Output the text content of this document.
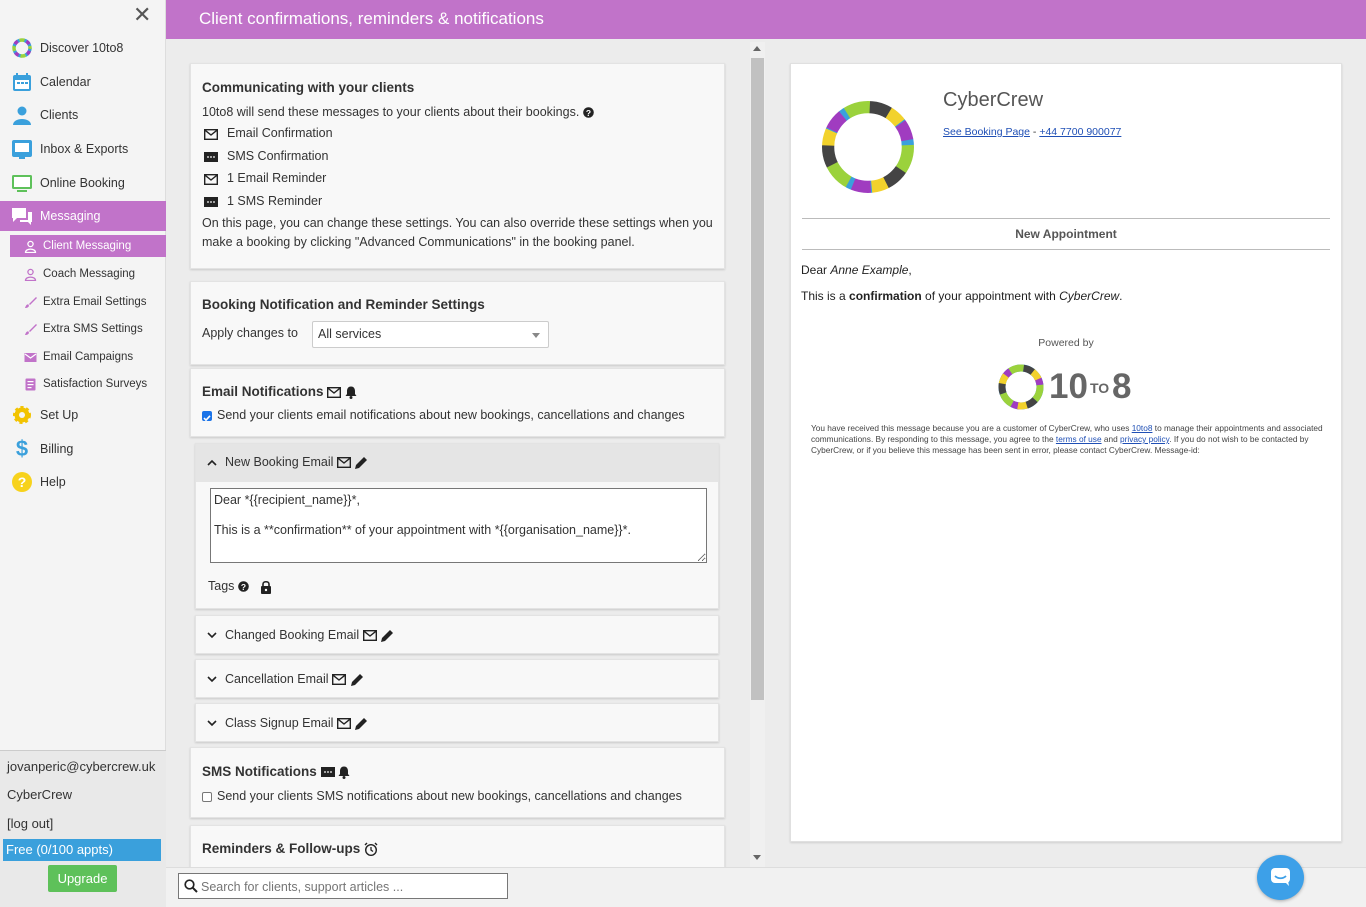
✕
Discover 10to8
Calendar
Clients
Inbox & Exports
Online Booking
Messaging
Client Messaging
Coach Messaging
Extra Email Settings
Extra SMS Settings
Email Campaigns
Satisfaction Surveys
Set Up
$ Billing
? Help
jovanperic@cybercrew.uk
CyberCrew
[log out]
Free (0/100 appts)
Upgrade
Client confirmations, reminders & notifications
Communicating with your clients
10to8 will send these messages to your clients about their bookings. ?
Email Confirmation
SMS Confirmation
1 Email Reminder
1 SMS Reminder
On this page, you can change these settings. You can also override these settings when you
make a booking by clicking "Advanced Communications" in the booking panel.
Booking Notification and Reminder Settings
Apply changes to All services
Email Notifications
Send your clients email notifications about new bookings, cancellations and changes
New Booking Email
Dear *{{recipient_name}}*, This is a **confirmation** of your appointment with *{{organisation_name}}*.
Tags ?

Changed Booking Email
Cancellation Email
Class Signup Email
SMS Notifications
Send your clients SMS notifications about new bookings, cancellations and changes
Reminders & Follow-ups
CyberCrew
See Booking Page - +44 7700 900077
New Appointment
Dear Anne Example,
This is a confirmation of your appointment with CyberCrew.
Powered by
10 TO 8
You have received this message because you are a customer of CyberCrew, who uses 10to8 to manage their appointments and associated communications. By responding to this message, you agree to the terms of use and privacy policy. If you do not wish to be contacted by CyberCrew, or if you believe this message has been sent in error, please contact CyberCrew. Message-id:
Search for clients, support articles ...
